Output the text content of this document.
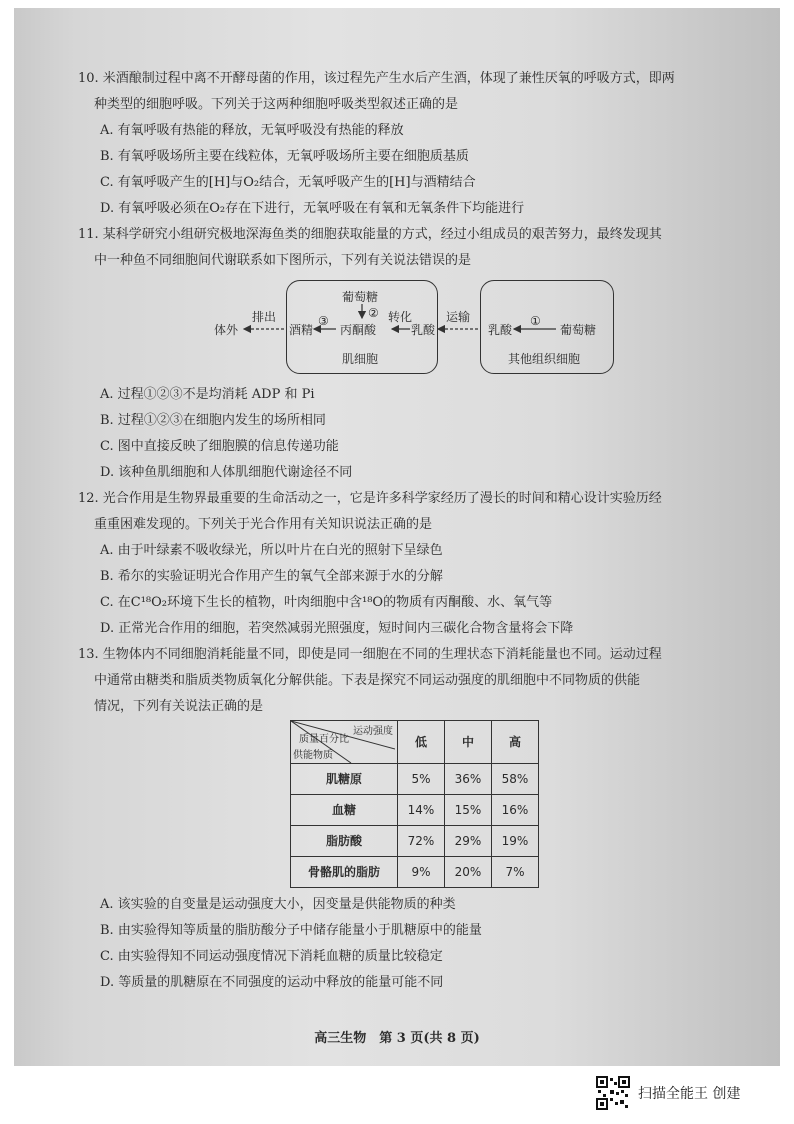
10. 米酒酿制过程中离不开酵母菌的作用，该过程先产生水后产生酒，体现了兼性厌氧的呼吸方式，即两

种类型的细胞呼吸。下列关于这两种细胞呼吸类型叙述正确的是

A. 有氧呼吸有热能的释放，无氧呼吸没有热能的释放

B. 有氧呼吸场所主要在线粒体，无氧呼吸场所主要在细胞质基质

C. 有氧呼吸产生的[H]与O₂结合，无氧呼吸产生的[H]与酒精结合

D. 有氧呼吸必须在O₂存在下进行，无氧呼吸在有氧和无氧条件下均能进行

11. 某科学研究小组研究极地深海鱼类的细胞获取能量的方式，经过小组成员的艰苦努力，最终发现其

中一种鱼不同细胞间代谢联系如下图所示，下列有关说法错误的是

体外
排出
酒精
③
葡萄糖
②
丙酮酸
转化
乳酸
肌细胞
运输
乳酸
①
葡萄糖
其他组织细胞

A. 过程①②③不是均消耗 ADP 和 Pi

B. 过程①②③在细胞内发生的场所相同

C. 图中直接反映了细胞膜的信息传递功能

D. 该种鱼肌细胞和人体肌细胞代谢途径不同

12. 光合作用是生物界最重要的生命活动之一，它是许多科学家经历了漫长的时间和精心设计实验历经

重重困难发现的。下列关于光合作用有关知识说法正确的是

A. 由于叶绿素不吸收绿光，所以叶片在白光的照射下呈绿色

B. 希尔的实验证明光合作用产生的氧气全部来源于水的分解

C. 在C¹⁸O₂环境下生长的植物，叶肉细胞中含¹⁸O的物质有丙酮酸、水、氧气等

D. 正常光合作用的细胞，若突然减弱光照强度，短时间内三碳化合物含量将会下降

13. 生物体内不同细胞消耗能量不同，即使是同一细胞在不同的生理状态下消耗能量也不同。运动过程

中通常由糖类和脂质类物质氧化分解供能。下表是探究不同运动强度的肌细胞中不同物质的供能

情况，下列有关说法正确的是

运动强度
质量百分比
供能物质	低	中	高
肌糖原	5%	36%	58%
血糖	14%	15%	16%
脂肪酸	72%	29%	19%
骨骼肌的脂肪	9%	20%	7%

A. 该实验的自变量是运动强度大小，因变量是供能物质的种类

B. 由实验得知等质量的脂肪酸分子中储存能量小于肌糖原中的能量

C. 由实验得知不同运动强度情况下消耗血糖的质量比较稳定

D. 等质量的肌糖原在不同强度的运动中释放的能量可能不同

高三生物　第 3 页(共 8 页)
扫描全能王 创建
